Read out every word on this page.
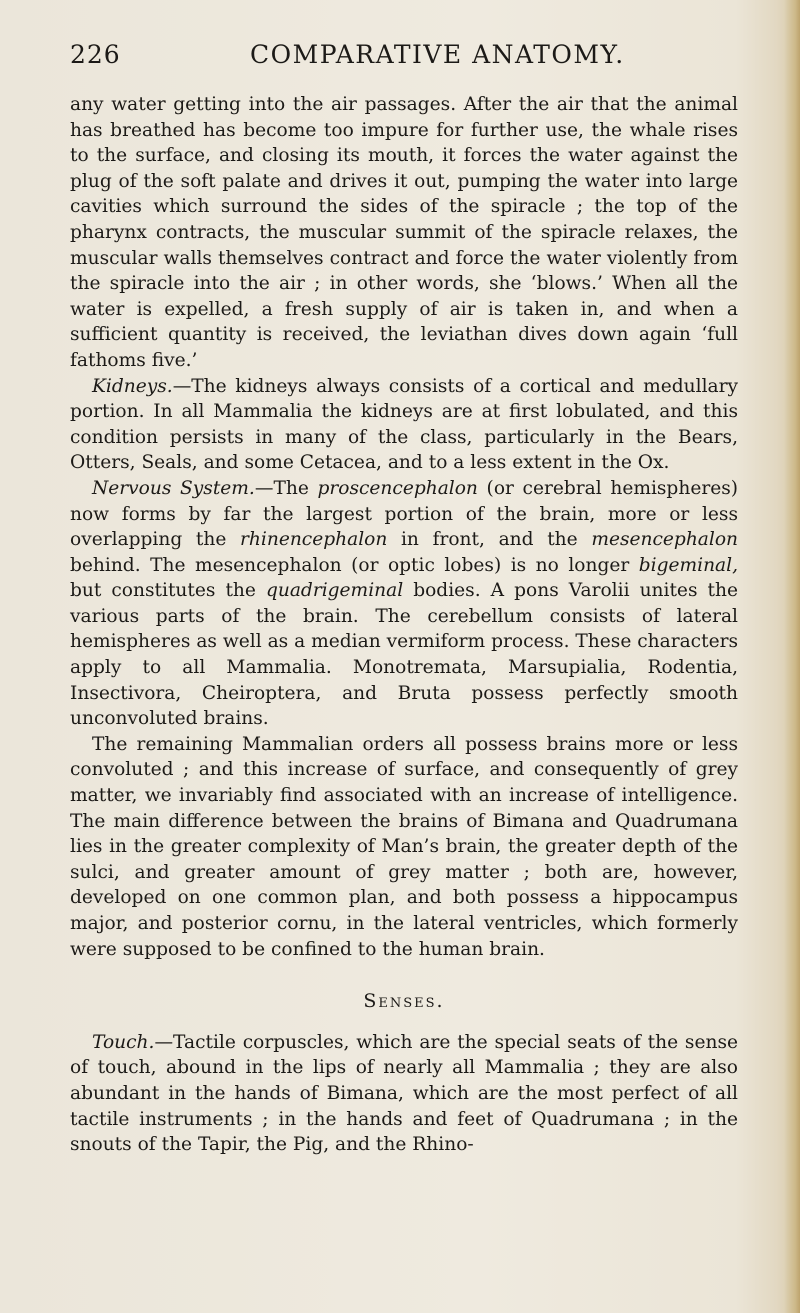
226	COMPARATIVE ANATOMY.

any water getting into the air passages. After the air that the animal has breathed has become too impure for further use, the whale rises to the surface, and closing its mouth, it forces the water against the plug of the soft palate and drives it out, pumping the water into large cavities which surround the sides of the spiracle ; the top of the pharynx contracts, the muscular summit of the spiracle relaxes, the muscular walls themselves contract and force the water violently from the spiracle into the air ; in other words, she ‘blows.’ When all the water is expelled, a fresh supply of air is taken in, and when a sufficient quantity is received, the leviathan dives down again ‘full fathoms five.’

Kidneys.—The kidneys always consists of a cortical and medullary portion. In all Mammalia the kidneys are at first lobulated, and this condition persists in many of the class, particularly in the Bears, Otters, Seals, and some Cetacea, and to a less extent in the Ox.

Nervous System.—The proscencephalon (or cerebral hemispheres) now forms by far the largest portion of the brain, more or less overlapping the rhinencephalon in front, and the mesencephalon behind. The mesencephalon (or optic lobes) is no longer bigeminal, but constitutes the quadrigeminal bodies. A pons Varolii unites the various parts of the brain. The cerebellum consists of lateral hemispheres as well as a median vermiform process. These characters apply to all Mammalia. Monotremata, Marsupialia, Rodentia, Insectivora, Cheiroptera, and Bruta possess perfectly smooth unconvoluted brains.

The remaining Mammalian orders all possess brains more or less convoluted ; and this increase of surface, and consequently of grey matter, we invariably find associated with an increase of intelligence. The main difference between the brains of Bimana and Quadrumana lies in the greater complexity of Man’s brain, the greater depth of the sulci, and greater amount of grey matter ; both are, however, developed on one common plan, and both possess a hippocampus major, and posterior cornu, in the lateral ventricles, which formerly were supposed to be confined to the human brain.

Senses.

Touch.—Tactile corpuscles, which are the special seats of the sense of touch, abound in the lips of nearly all Mammalia ; they are also abundant in the hands of Bimana, which are the most perfect of all tactile instruments ; in the hands and feet of Quadrumana ; in the snouts of the Tapir, the Pig, and the Rhino-
